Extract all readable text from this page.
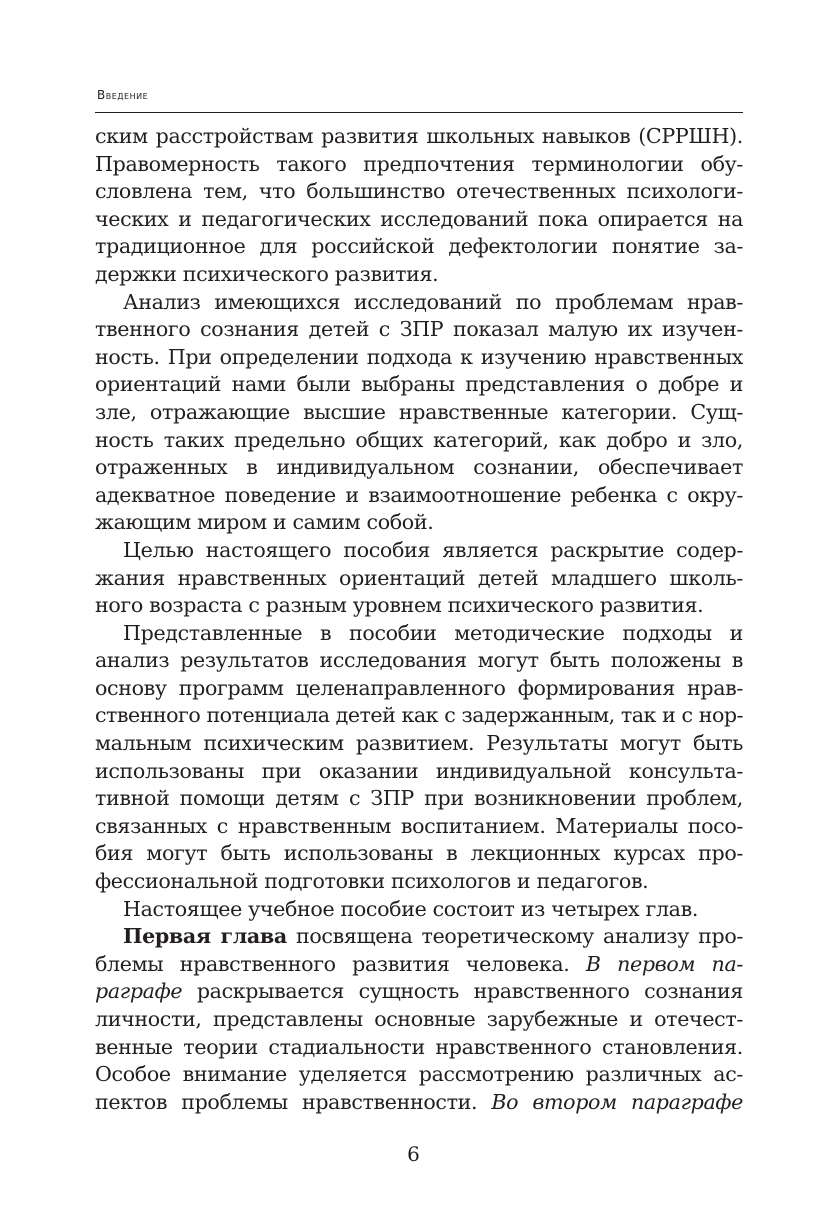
Введение
ским расстройствам развития школьных навыков (СРРШН).
Правомерность такого предпочтения терминологии обу-
словлена тем, что большинство отечественных психологи-
ческих и педагогических исследований пока опирается на
традиционное для российской дефектологии понятие за-
держки психического развития.
Анализ имеющихся исследований по проблемам нрав-
твенного сознания детей с ЗПР показал малую их изучен-
ность. При определении подхода к изучению нравственных
ориентаций нами были выбраны представления о добре и
зле, отражающие высшие нравственные категории. Сущ-
ность таких предельно общих категорий, как добро и зло,
отраженных в индивидуальном сознании, обеспечивает
адекватное поведение и взаимоотношение ребенка с окру-
жающим миром и самим собой.
Целью настоящего пособия является раскрытие содер-
жания нравственных ориентаций детей младшего школь-
ного возраста с разным уровнем психического развития.
Представленные в пособии методические подходы и
анализ результатов исследования могут быть положены в
основу программ целенаправленного формирования нрав-
ственного потенциала детей как с задержанным, так и с нор-
мальным психическим развитием. Результаты могут быть
использованы при оказании индивидуальной консульта-
тивной помощи детям с ЗПР при возникновении проблем,
связанных с нравственным воспитанием. Материалы посо-
бия могут быть использованы в лекционных курсах про-
фессиональной подготовки психологов и педагогов.
Настоящее учебное пособие состоит из четырех глав.
Первая глава посвящена теоретическому анализу про-
блемы нравственного развития человека. В первом па-
раграфе раскрывается сущность нравственного сознания
личности, представлены основные зарубежные и отечест-
венные теории стадиальности нравственного становления.
Особое внимание уделяется рассмотрению различных ас-
пектов проблемы нравственности. Во втором параграфе
6
